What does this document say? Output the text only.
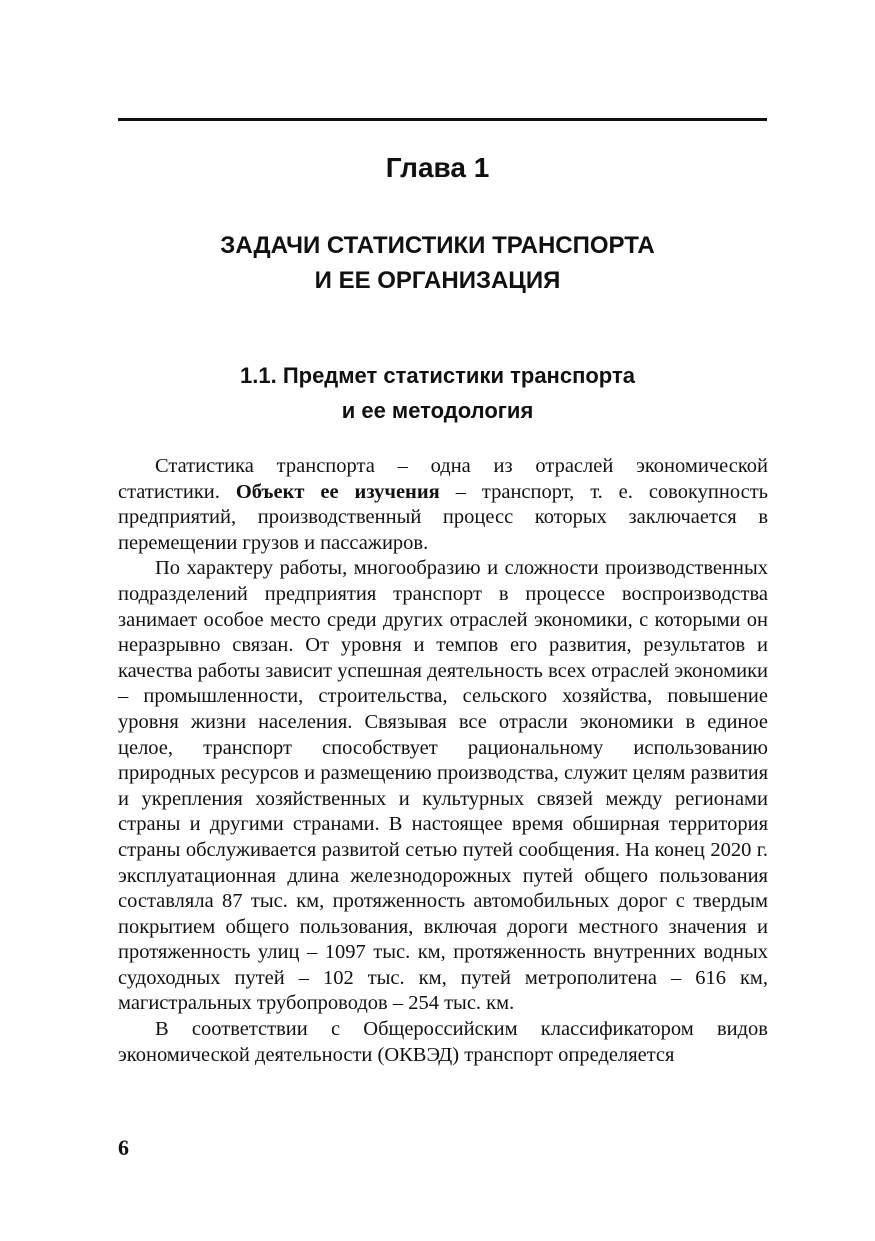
Глава 1
ЗАДАЧИ СТАТИСТИКИ ТРАНСПОРТА
И ЕЕ ОРГАНИЗАЦИЯ
1.1. Предмет статистики транспорта
и ее методология

Статистика транспорта – одна из отраслей экономической статистики. Объект ее изучения – транспорт, т. е. совокупность предприятий, производственный процесс которых заключается в перемещении грузов и пассажиров.

По характеру работы, многообразию и сложности производственных подразделений предприятия транспорт в процессе воспроизводства занимает особое место среди других отраслей экономики, с которыми он неразрывно связан. От уровня и темпов его развития, результатов и качества работы зависит успешная деятельность всех отраслей экономики – промышленности, строительства, сельского хозяйства, повышение уровня жизни населения. Связывая все отрасли экономики в единое целое, транспорт способствует рациональному использованию природных ресурсов и размещению производства, служит целям развития и укрепления хозяйственных и культурных связей между регионами страны и другими странами. В настоящее время обширная территория страны обслуживается развитой сетью путей сообщения. На конец 2020 г. эксплуатационная длина железнодорожных путей общего пользования составляла 87 тыс. км, протяженность автомобильных дорог с твердым покрытием общего пользования, включая дороги местного значения и протяженность улиц – 1097 тыс. км, протяженность внутренних водных судоходных путей – 102 тыс. км, путей метрополитена – 616 км, магистральных трубопроводов – 254 тыс. км.

В соответствии с Общероссийским классификатором видов экономической деятельности (ОКВЭД) транспорт определяется

6
